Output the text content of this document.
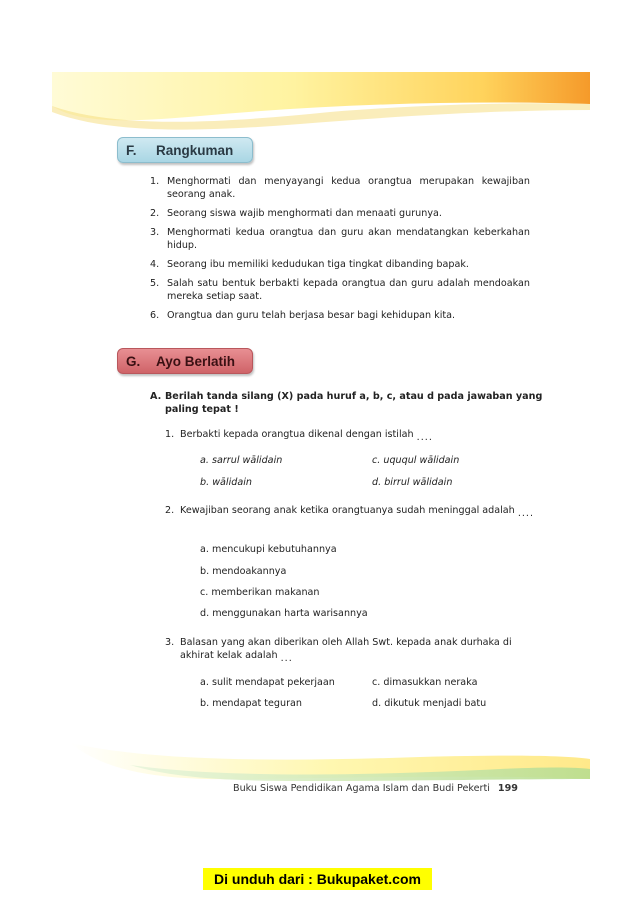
F.	Rangkuman
1. Menghormati dan menyayangi kedua orangtua merupakan kewajiban seorang anak.
2. Seorang siswa wajib menghormati dan menaati gurunya.
3. Menghormati kedua orangtua dan guru akan mendatangkan keberkahan hidup.
4. Seorang ibu memiliki kedudukan tiga tingkat dibanding bapak.
5. Salah satu bentuk berbakti kepada orangtua dan guru adalah mendoakan mereka setiap saat.
6. Orangtua dan guru telah berjasa besar bagi kehidupan kita.
G.	Ayo Berlatih
A. Berilah tanda silang (X) pada huruf a, b, c, atau d pada jawaban yang paling tepat !
1. Berbakti kepada orangtua dikenal dengan istilah ....
a. sarrul wālidain	c. uququl wālidain
b. wālidain	d. birrul wālidain
2. Kewajiban seorang anak ketika orangtuanya sudah meninggal adalah ....
a. mencukupi kebutuhannya
b. mendoakannya
c. memberikan makanan
d. menggunakan harta warisannya
3. Balasan yang akan diberikan oleh Allah Swt. kepada anak durhaka di akhirat kelak adalah ...
a. sulit mendapat pekerjaan	c. dimasukkan neraka
b. mendapat teguran	d. dikutuk menjadi batu
Buku Siswa Pendidikan Agama Islam dan Budi Pekerti 199
Di unduh dari : Bukupaket.com
